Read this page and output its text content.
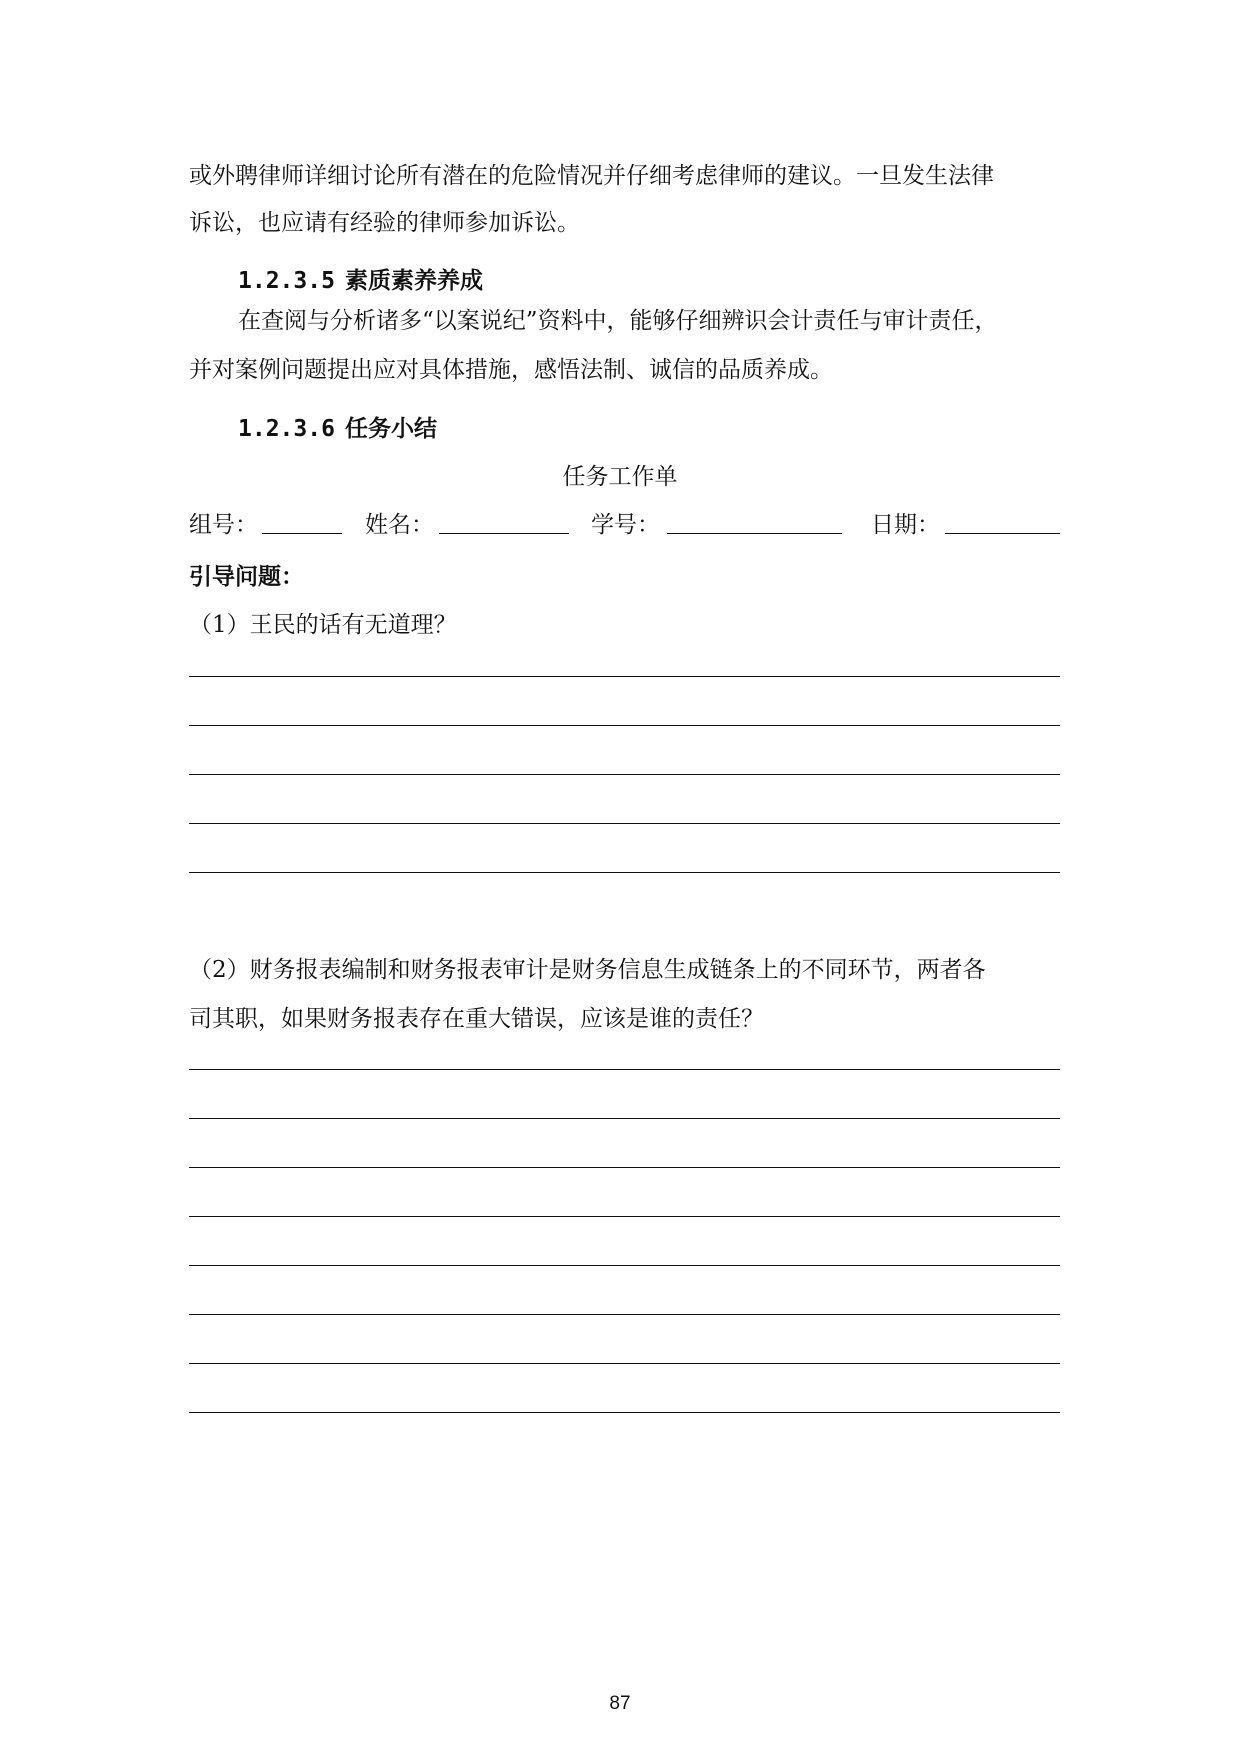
或外聘律师详细讨论所有潜在的危险情况并仔细考虑律师的建议。一旦发生法律
诉讼，也应请有经验的律师参加诉讼。
1.2.3.5 素质素养养成
在查阅与分析诸多“以案说纪”资料中，能够仔细辨识会计责任与审计责任，
并对案例问题提出应对具体措施，感悟法制、诚信的品质养成。
1.2.3.6 任务小结
任务工作单
组号：	姓名：	学号：	日期：
引导问题：
（1）王民的话有无道理？
（2）财务报表编制和财务报表审计是财务信息生成链条上的不同环节，两者各
司其职，如果财务报表存在重大错误，应该是谁的责任？
87
